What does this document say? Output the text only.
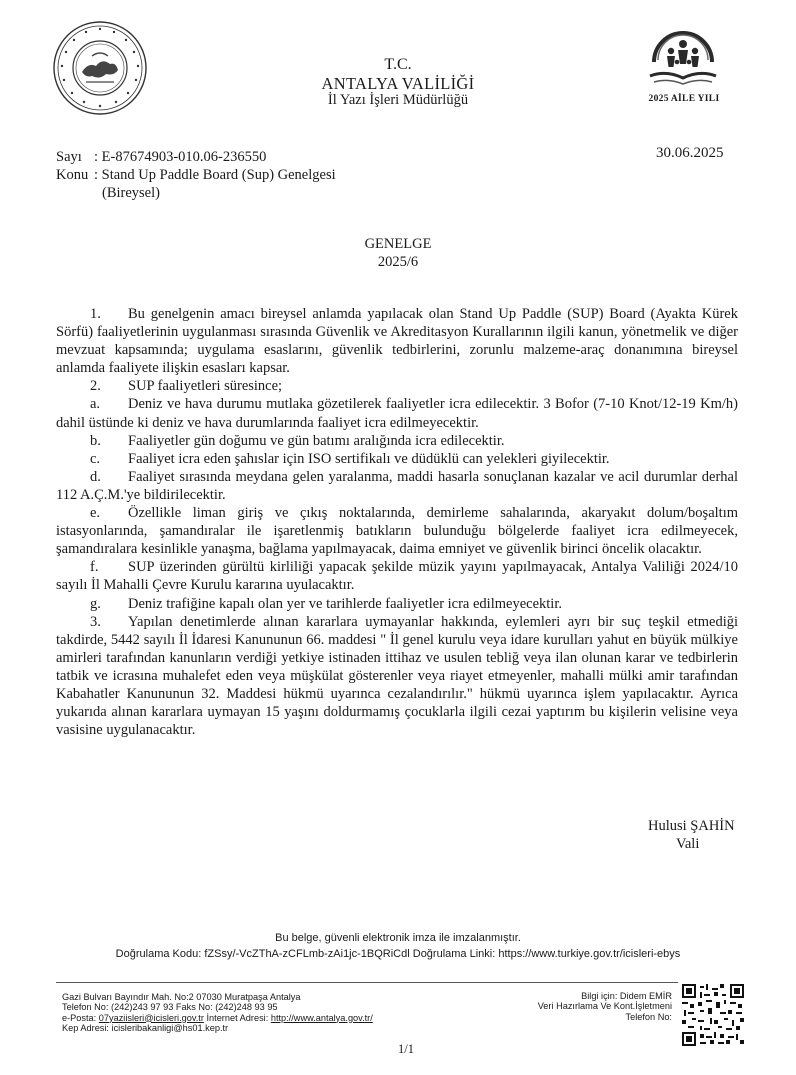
2025 AİLE YILI
T.C.
ANTALYA VALİLİĞİ
İl Yazı İşleri Müdürlüğü
Sayı : E-87674903-010.06-236550
Konu : Stand Up Paddle Board (Sup) Genelgesi
(Bireysel)
30.06.2025
GENELGE
2025/6

1. Bu genelgenin amacı bireysel anlamda yapılacak olan Stand Up Paddle (SUP) Board (Ayakta Kürek Sörfü) faaliyetlerinin uygulanması sırasında Güvenlik ve Akreditasyon Kurallarının ilgili kanun, yönetmelik ve diğer mevzuat kapsamında; uygulama esaslarını, güvenlik tedbirlerini, zorunlu malzeme-araç donanımına bireysel anlamda faaliyete ilişkin esasları kapsar.

2. SUP faaliyetleri süresince;

a. Deniz ve hava durumu mutlaka gözetilerek faaliyetler icra edilecektir. 3 Bofor (7-10 Knot/12-19 Km/h) dahil üstünde ki deniz ve hava durumlarında faaliyet icra edilmeyecektir.

b. Faaliyetler gün doğumu ve gün batımı aralığında icra edilecektir.

c. Faaliyet icra eden şahıslar için ISO sertifikalı ve düdüklü can yelekleri giyilecektir.

d. Faaliyet sırasında meydana gelen yaralanma, maddi hasarla sonuçlanan kazalar ve acil durumlar derhal 112 A.Ç.M.'ye bildirilecektir.

e. Özellikle liman giriş ve çıkış noktalarında, demirleme sahalarında, akaryakıt dolum/boşaltım istasyonlarında, şamandıralar ile işaretlenmiş batıkların bulunduğu bölgelerde faaliyet icra edilmeyecek, şamandıralara kesinlikle yanaşma, bağlama yapılmayacak, daima emniyet ve güvenlik birinci öncelik olacaktır.

f. SUP üzerinden gürültü kirliliği yapacak şekilde müzik yayını yapılmayacak, Antalya Valiliği 2024/10 sayılı İl Mahalli Çevre Kurulu kararına uyulacaktır.

g. Deniz trafiğine kapalı olan yer ve tarihlerde faaliyetler icra edilmeyecektir.

3. Yapılan denetimlerde alınan kararlara uymayanlar hakkında, eylemleri ayrı bir suç teşkil etmediği takdirde, 5442 sayılı İl İdaresi Kanununun 66. maddesi " İl genel kurulu veya idare kurulları yahut en büyük mülkiye amirleri tarafından kanunların verdiği yetkiye istinaden ittihaz ve usulen tebliğ veya ilan olunan karar ve tedbirlerin tatbik ve icrasına muhalefet eden veya müşkülat gösterenler veya riayet etmeyenler, mahalli mülki amir tarafından Kabahatler Kanununun 32. Maddesi hükmü uyarınca cezalandırılır." hükmü uyarınca işlem yapılacaktır. Ayrıca yukarıda alınan kararlara uymayan 15 yaşını doldurmamış çocuklarla ilgili cezai yaptırım bu kişilerin velisine veya vasisine uygulanacaktır.

Hulusi ŞAHİN
Vali
Bu belge, güvenli elektronik imza ile imzalanmıştır.
Doğrulama Kodu: fZSsy/-VcZThA-zCFLmb-zAi1jc-1BQRiCdl Doğrulama Linki: https://www.turkiye.gov.tr/icisleri-ebys
Gazi Bulvarı Bayındır Mah. No:2 07030 Muratpaşa Antalya
Telefon No: (242)243 97 93 Faks No: (242)248 93 95
e-Posta: 07yaziisleri@icisleri.gov.tr İnternet Adresi: http://www.antalya.gov.tr/
Kep Adresi: icisleribakanligi@hs01.kep.tr
Bilgi için: Didem EMİR
Veri Hazırlama Ve Kont.İşletmeni
Telefon No:
1/1
